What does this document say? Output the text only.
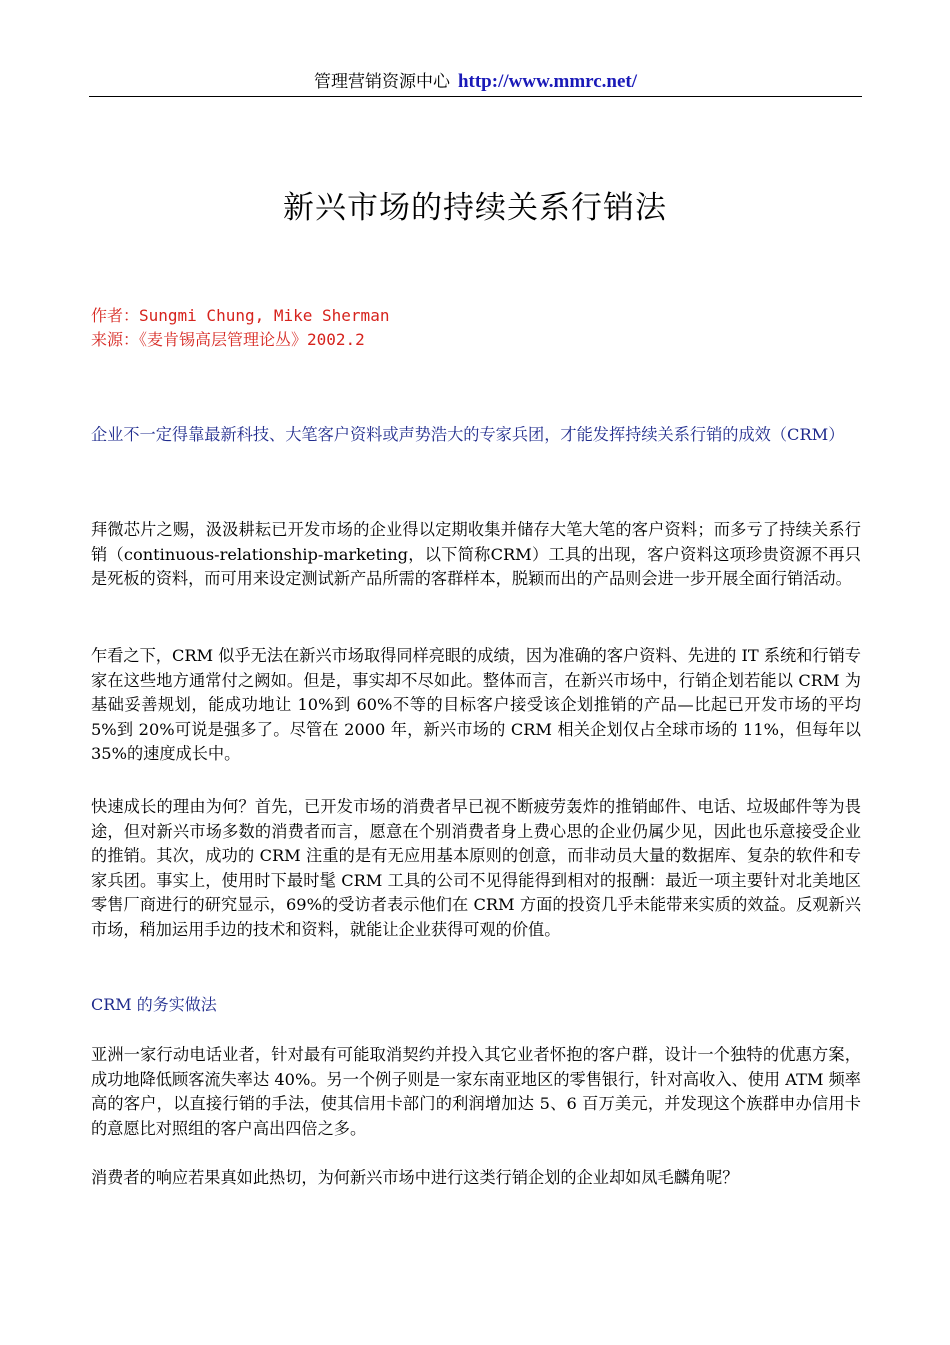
管理营销资源中心 http://www.mmrc.net/
新兴市场的持续关系行销法
作者：Sungmi Chung, Mike Sherman
来源：《麦肯锡高层管理论丛》2002.2
企业不一定得靠最新科技、大笔客户资料或声势浩大的专家兵团，才能发挥持续关系行销的成效（CRM）
拜微芯片之赐，汲汲耕耘已开发市场的企业得以定期收集并储存大笔大笔的客户资料；而多亏了持续关系行销（continuous-relationship-marketing，以下简称CRM）工具的出现，客户资料这项珍贵资源不再只是死板的资料，而可用来设定测试新产品所需的客群样本，脱颖而出的产品则会进一步开展全面行销活动。
乍看之下，CRM 似乎无法在新兴市场取得同样亮眼的成绩，因为准确的客户资料、先进的 IT 系统和行销专家在这些地方通常付之阙如。但是，事实却不尽如此。整体而言，在新兴市场中，行销企划若能以 CRM 为基础妥善规划，能成功地让 10%到 60%不等的目标客户接受该企划推销的产品—比起已开发市场的平均 5%到 20%可说是强多了。尽管在 2000 年，新兴市场的 CRM 相关企划仅占全球市场的 11%，但每年以 35%的速度成长中。
快速成长的理由为何？首先，已开发市场的消费者早已视不断疲劳轰炸的推销邮件、电话、垃圾邮件等为畏途，但对新兴市场多数的消费者而言，愿意在个别消费者身上费心思的企业仍属少见，因此也乐意接受企业的推销。其次，成功的 CRM 注重的是有无应用基本原则的创意，而非动员大量的数据库、复杂的软件和专家兵团。事实上，使用时下最时髦 CRM 工具的公司不见得能得到相对的报酬：最近一项主要针对北美地区零售厂商进行的研究显示，69%的受访者表示他们在 CRM 方面的投资几乎未能带来实质的效益。反观新兴市场，稍加运用手边的技术和资料，就能让企业获得可观的价值。
CRM 的务实做法
亚洲一家行动电话业者，针对最有可能取消契约并投入其它业者怀抱的客户群，设计一个独特的优惠方案，成功地降低顾客流失率达 40%。另一个例子则是一家东南亚地区的零售银行，针对高收入、使用 ATM 频率高的客户，以直接行销的手法，使其信用卡部门的利润增加达 5、6 百万美元，并发现这个族群申办信用卡的意愿比对照组的客户高出四倍之多。
消费者的响应若果真如此热切，为何新兴市场中进行这类行销企划的企业却如凤毛麟角呢？
